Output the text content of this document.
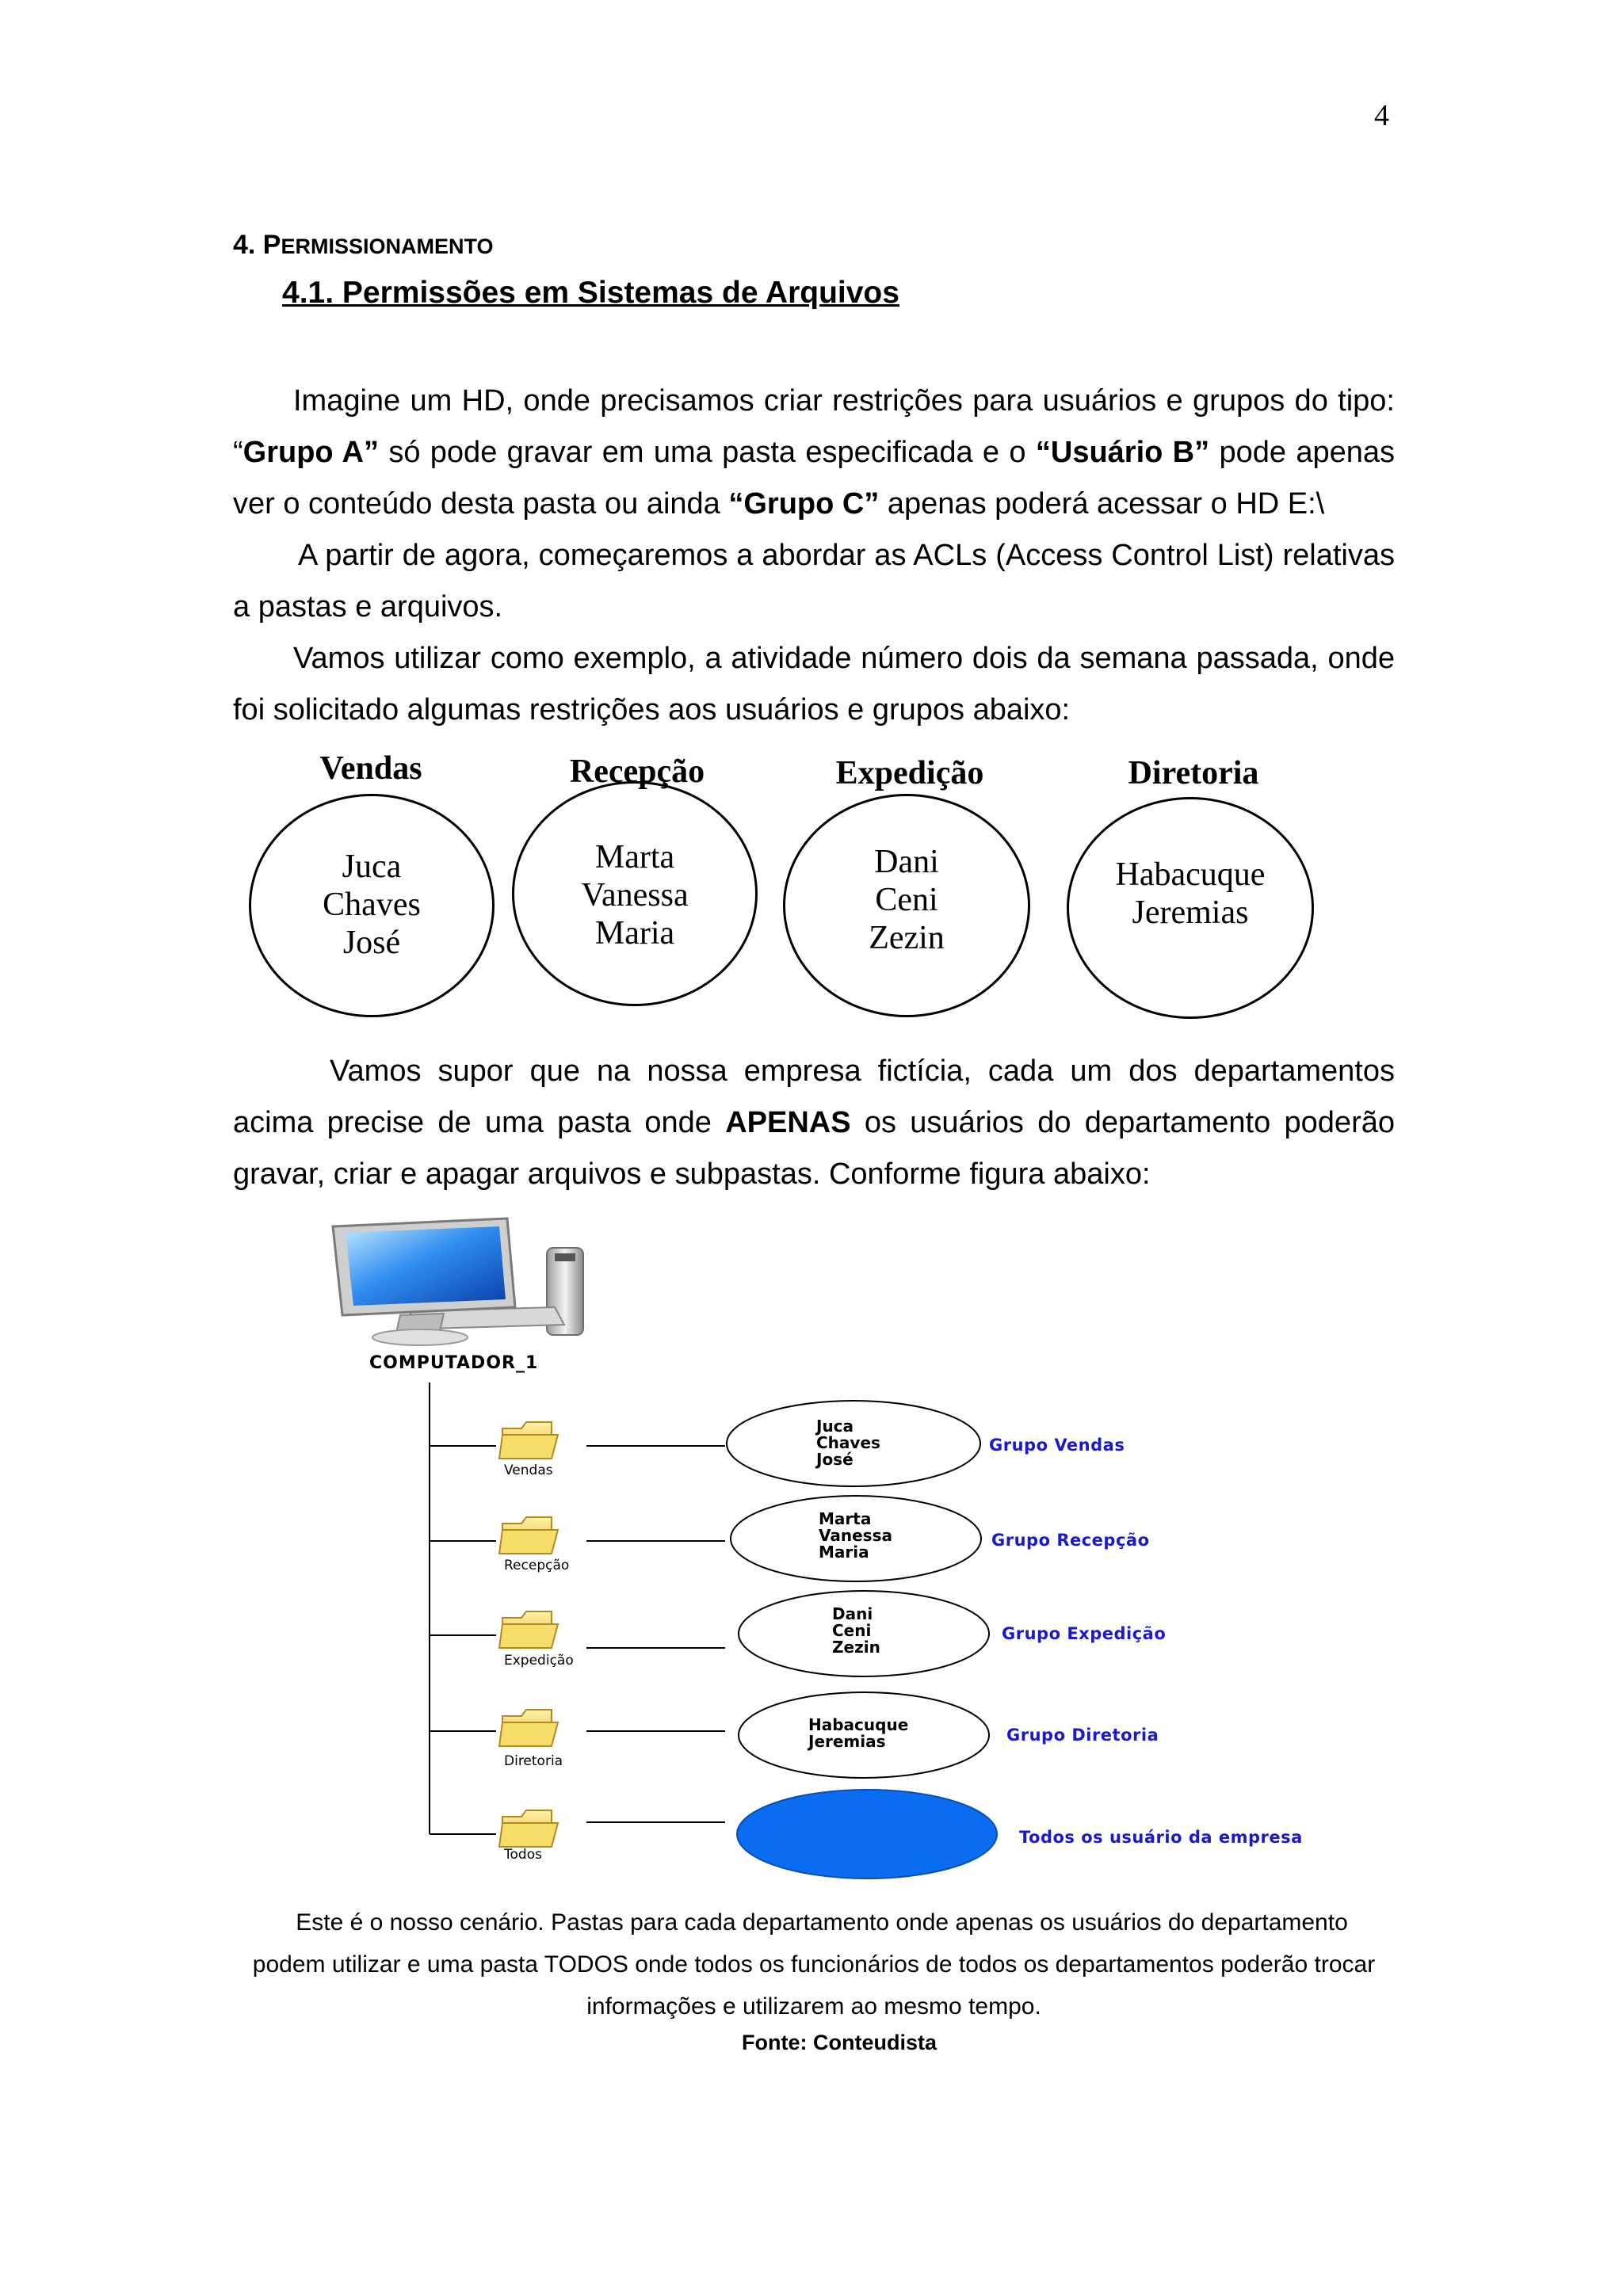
4
4. PERMISSIONAMENTO
4.1. Permissões em Sistemas de Arquivos
Imagine um HD, onde precisamos criar restrições para usuários e grupos do tipo: “Grupo A” só pode gravar em uma pasta especificada e o “Usuário B” pode apenas ver o conteúdo desta pasta ou ainda “Grupo C” apenas poderá acessar o HD E:\
A partir de agora, começaremos a abordar as ACLs (Access Control List) relativas a pastas e arquivos.
Vamos utilizar como exemplo, a atividade número dois da semana passada, onde foi solicitado algumas restrições aos usuários e grupos abaixo:
Vendas	Recepção	Expedição	Diretoria
Juca
Chaves
José
Marta
Vanessa
Maria
Dani
Ceni
Zezin
Habacuque
Jeremias
Vamos supor que na nossa empresa fictícia, cada um dos departamentos acima precise de uma pasta onde APENAS os usuários do departamento poderão gravar, criar e apagar arquivos e subpastas. Conforme figura abaixo:
COMPUTADOR_1
Vendas
Recepção
Expedição
Diretoria
Todos
Juca
Chaves
José
Marta
Vanessa
Maria
Dani
Ceni
Zezin
Habacuque
Jeremias
Grupo Vendas
Grupo Recepção
Grupo Expedição
Grupo Diretoria
Todos os usuário da empresa
Este é o nosso cenário. Pastas para cada departamento onde apenas os usuários do departamento
podem utilizar e uma pasta TODOS onde todos os funcionários de todos os departamentos poderão trocar
informações e utilizarem ao mesmo tempo.
Fonte: Conteudista
